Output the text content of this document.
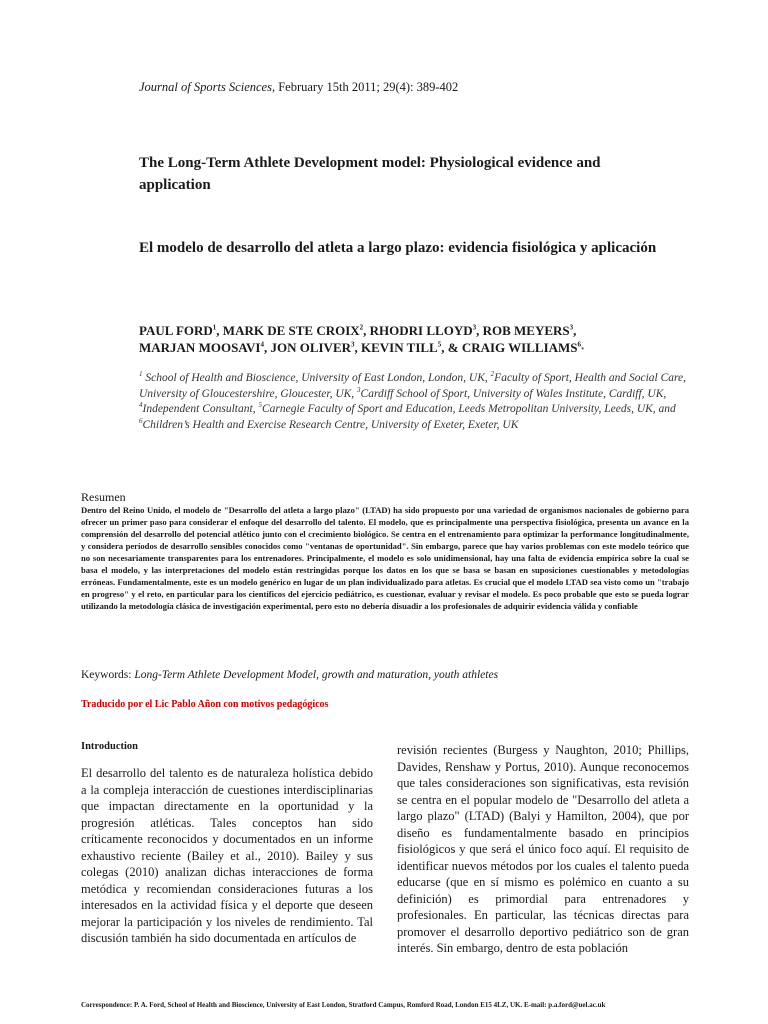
Journal of Sports Sciences, February 15th 2011; 29(4): 389-402
The Long-Term Athlete Development model: Physiological evidence and application
El modelo de desarrollo del atleta a largo plazo: evidencia fisiológica y aplicación
PAUL FORD$^1$, MARK DE STE CROIX$^2$, RHODRI LLOYD$^3$, ROB MEYERS$^3$,
MARJAN MOOSAVI$^4$, JON OLIVER$^3$, KEVIN TILL$^5$, & CRAIG WILLIAMS$^6$*
$^1$ School of Health and Bioscience, University of East London, London, UK, $^2$Faculty of Sport, Health and Social Care, University of Gloucestershire, Gloucester, UK, $^3$Cardiff School of Sport, University of Wales Institute, Cardiff, UK, $^4$Independent Consultant, $^5$Carnegie Faculty of Sport and Education, Leeds Metropolitan University, Leeds, UK, and $^6$Children’s Health and Exercise Research Centre, University of Exeter, Exeter, UK
Resumen
Dentro del Reino Unido, el modelo de "Desarrollo del atleta a largo plazo" (LTAD) ha sido propuesto por una variedad de organismos nacionales de gobierno para ofrecer un primer paso para considerar el enfoque del desarrollo del talento. El modelo, que es principalmente una perspectiva fisiológica, presenta un avance en la comprensión del desarrollo del potencial atlético junto con el crecimiento biológico. Se centra en el entrenamiento para optimizar la performance longitudinalmente, y considera períodos de desarrollo sensibles conocidos como "ventanas de oportunidad". Sin embargo, parece que hay varios problemas con este modelo teórico que no son necesariamente transparentes para los entrenadores. Principalmente, el modelo es solo unidimensional, hay una falta de evidencia empírica sobre la cual se basa el modelo, y las interpretaciones del modelo están restringidas porque los datos en los que se basa se basan en suposiciones cuestionables y metodologías erróneas. Fundamentalmente, este es un modelo genérico en lugar de un plan individualizado para atletas. Es crucial que el modelo LTAD sea visto como un "trabajo en progreso" y el reto, en particular para los científicos del ejercicio pediátrico, es cuestionar, evaluar y revisar el modelo. Es poco probable que esto se pueda lograr utilizando la metodología clásica de investigación experimental, pero esto no debería disuadir a los profesionales de adquirir evidencia válida y confiable
Keywords: Long-Term Athlete Development Model, growth and maturation, youth athletes
Traducido por el Lic Pablo Añon con motivos pedagógicos
Introduction
El desarrollo del talento es de naturaleza holística debido a la compleja interacción de cuestiones interdisciplinarias que impactan directamente en la oportunidad y la progresión atléticas. Tales conceptos han sido críticamente reconocidos y documentados en un informe exhaustivo reciente (Bailey et al., 2010). Bailey y sus colegas (2010) analizan dichas interacciones de forma metódica y recomiendan consideraciones futuras a los interesados en la actividad física y el deporte que deseen mejorar la participación y los niveles de rendimiento. Tal discusión también ha sido documentada en artículos de
revisión recientes (Burgess y Naughton, 2010; Phillips, Davides, Renshaw y Portus, 2010). Aunque reconocemos que tales consideraciones son significativas, esta revisión se centra en el popular modelo de "Desarrollo del atleta a largo plazo" (LTAD) (Balyi y Hamilton, 2004), que por diseño es fundamentalmente basado en principios fisiológicos y que será el único foco aquí. El requisito de identificar nuevos métodos por los cuales el talento pueda educarse (que en sí mismo es polémico en cuanto a su definición) es primordial para entrenadores y profesionales. En particular, las técnicas directas para promover el desarrollo deportivo pediátrico son de gran interés. Sin embargo, dentro de esta población
Correspondence: P. A. Ford, School of Health and Bioscience, University of East London, Stratford Campus, Romford Road, London E15 4LZ, UK. E-mail: p.a.ford@uel.ac.uk
